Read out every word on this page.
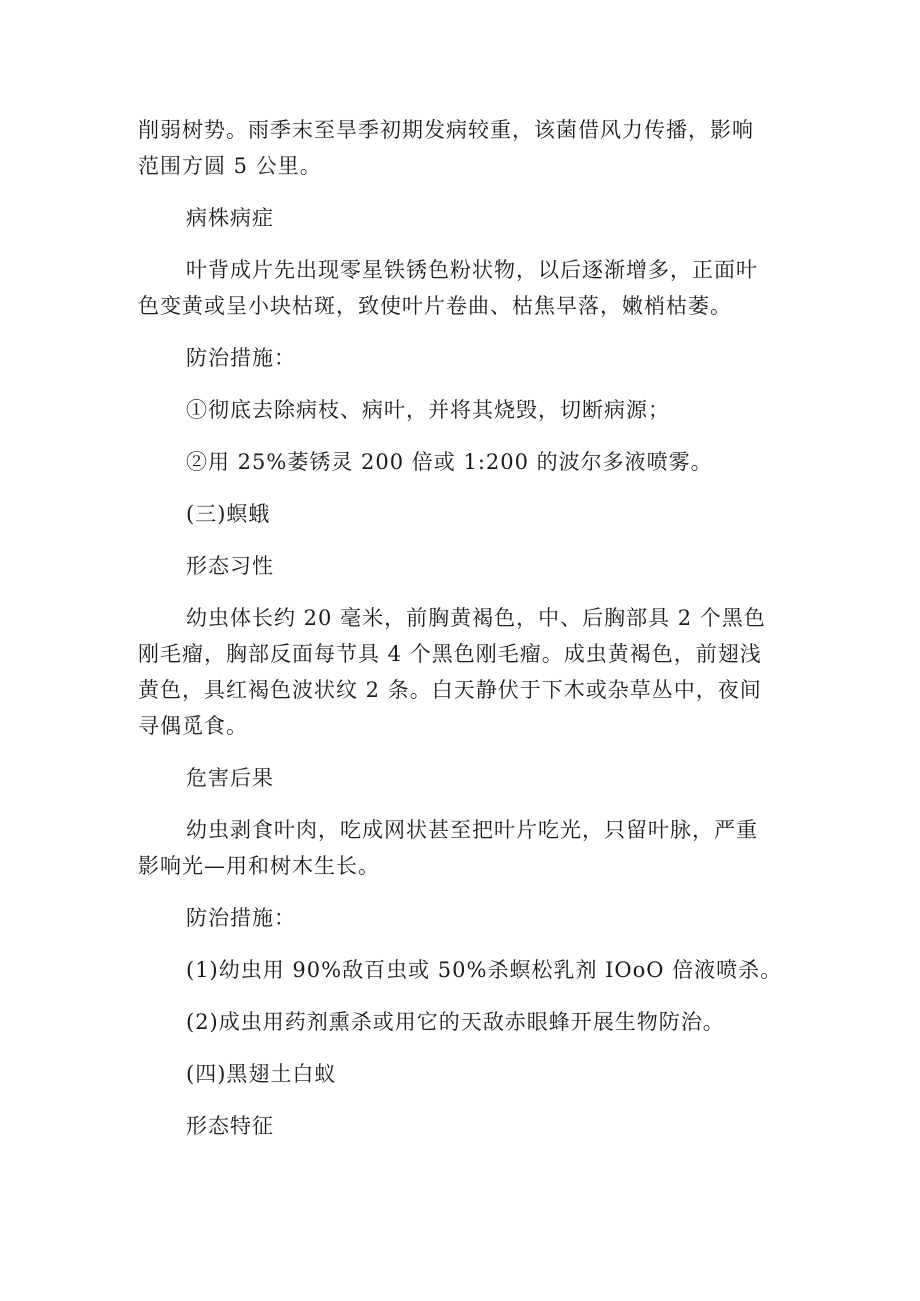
削弱树势。雨季末至旱季初期发病较重，该菌借风力传播，影响
范围方圆 5 公里。

病株病症

叶背成片先出现零星铁锈色粉状物，以后逐渐增多，正面叶
色变黄或呈小块枯斑，致使叶片卷曲、枯焦早落，嫩梢枯萎。

防治措施：

①彻底去除病枝、病叶，并将其烧毁，切断病源；

②用 25%萎锈灵 200 倍或 1:200 的波尔多液喷雾。

(三)螟蛾

形态习性

幼虫体长约 20 毫米，前胸黄褐色，中、后胸部具 2 个黑色
刚毛瘤，胸部反面每节具 4 个黑色刚毛瘤。成虫黄褐色，前翅浅
黄色，具红褐色波状纹 2 条。白天静伏于下木或杂草丛中，夜间
寻偶觅食。

危害后果

幼虫剥食叶肉，吃成网状甚至把叶片吃光，只留叶脉，严重
影响光—用和树木生长。

防治措施：

(1)幼虫用 90%敌百虫或 50%杀螟松乳剂 IOoO 倍液喷杀。

(2)成虫用药剂熏杀或用它的天敌赤眼蜂开展生物防治。

(四)黑翅土白蚁

形态特征
